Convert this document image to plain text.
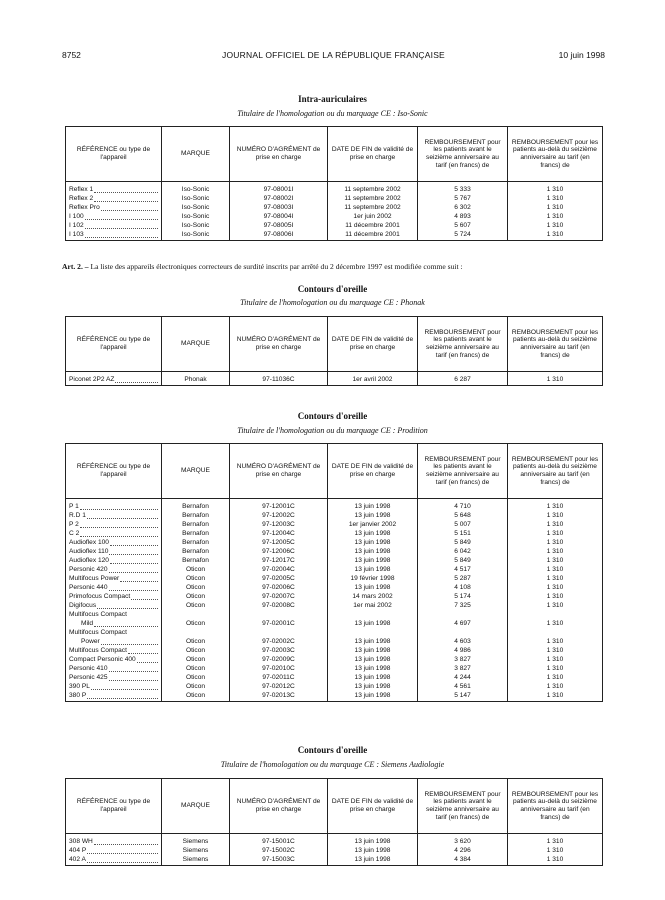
8752	JOURNAL OFFICIEL DE LA RÉPUBLIQUE FRANÇAISE	10 juin 1998
Intra-auriculaires
Titulaire de l'homologation ou du marquage CE : Iso-Sonic
RÉFÉRENCE ou type de l'appareil	MARQUE	NUMÉRO D'AGRÉMENT de prise en charge	DATE DE FIN de validité de prise en charge	REMBOURSEMENT pour les patients avant le seizième anniversaire au tarif (en francs) de	REMBOURSEMENT pour les patients au-delà du seizième anniversaire au tarif (en francs) de

Reflex 1	Iso-Sonic	97-08001I	11 septembre 2002	5 333	1 310

Reflex 2	Iso-Sonic	97-08002I	11 septembre 2002	5 767	1 310

Reflex Pro	Iso-Sonic	97-08003I	11 septembre 2002	6 302	1 310

I 100	Iso-Sonic	97-08004I	1er juin 2002	4 893	1 310

I 102	Iso-Sonic	97-08005I	11 décembre 2001	5 607	1 310

I 103	Iso-Sonic	97-08006I	11 décembre 2001	5 724	1 310
Art. 2. – La liste des appareils électroniques correcteurs de surdité inscrits par arrêté du 2 décembre 1997 est modifiée comme suit :
Contours d'oreille
Titulaire de l'homologation ou du marquage CE : Phonak
RÉFÉRENCE ou type de l'appareil	MARQUE	NUMÉRO D'AGRÉMENT de prise en charge	DATE DE FIN de validité de prise en charge	REMBOURSEMENT pour les patients avant le seizième anniversaire au tarif (en francs) de	REMBOURSEMENT pour les patients au-delà du seizième anniversaire au tarif (en francs) de

Piconet 2P2 AZ	Phonak	97-11036C	1er avril 2002	6 287	1 310
Contours d'oreille
Titulaire de l'homologation ou du marquage CE : Prodition
RÉFÉRENCE ou type de l'appareil	MARQUE	NUMÉRO D'AGRÉMENT de prise en charge	DATE DE FIN de validité de prise en charge	REMBOURSEMENT pour les patients avant le seizième anniversaire au tarif (en francs) de	REMBOURSEMENT pour les patients au-delà du seizième anniversaire au tarif (en francs) de

P 1	Bernafon	97-12001C	13 juin 1998	4 710	1 310

R.D 1	Bernafon	97-12002C	13 juin 1998	5 648	1 310

P 2	Bernafon	97-12003C	1er janvier 2002	5 007	1 310

C 2	Bernafon	97-12004C	13 juin 1998	5 151	1 310

Audioflex 100	Bernafon	97-12005C	13 juin 1998	5 849	1 310

Audioflex 110	Bernafon	97-12006C	13 juin 1998	6 042	1 310

Audioflex 120	Bernafon	97-12017C	13 juin 1998	5 849	1 310

Personic 420	Oticon	97-02004C	13 juin 1998	4 517	1 310

Multifocus Power	Oticon	97-02005C	19 février 1998	5 287	1 310

Personic 440	Oticon	97-02006C	13 juin 1998	4 108	1 310

Primofocus Compact	Oticon	97-02007C	14 mars 2002	5 174	1 310

Digifocus	Oticon	97-02008C	1er mai 2002	7 325	1 310

Multifocus Compact					

Mild	Oticon	97-02001C	13 juin 1998	4 697	1 310

Multifocus Compact					

Power	Oticon	97-02002C	13 juin 1998	4 603	1 310

Multifocus Compact	Oticon	97-02003C	13 juin 1998	4 986	1 310

Compact Personic 400	Oticon	97-02009C	13 juin 1998	3 827	1 310

Personic 410	Oticon	97-02010C	13 juin 1998	3 827	1 310

Personic 425	Oticon	97-02011C	13 juin 1998	4 244	1 310

390 PL	Oticon	97-02012C	13 juin 1998	4 561	1 310

380 P	Oticon	97-02013C	13 juin 1998	5 147	1 310
Contours d'oreille
Titulaire de l'homologation ou du marquage CE : Siemens Audiologie
RÉFÉRENCE ou type de l'appareil	MARQUE	NUMÉRO D'AGRÉMENT de prise en charge	DATE DE FIN de validité de prise en charge	REMBOURSEMENT pour les patients avant le seizième anniversaire au tarif (en francs) de	REMBOURSEMENT pour les patients au-delà du seizième anniversaire au tarif (en francs) de

308 WH	Siemens	97-15001C	13 juin 1998	3 620	1 310

404 P	Siemens	97-15002C	13 juin 1998	4 296	1 310

402 A	Siemens	97-15003C	13 juin 1998	4 384	1 310
